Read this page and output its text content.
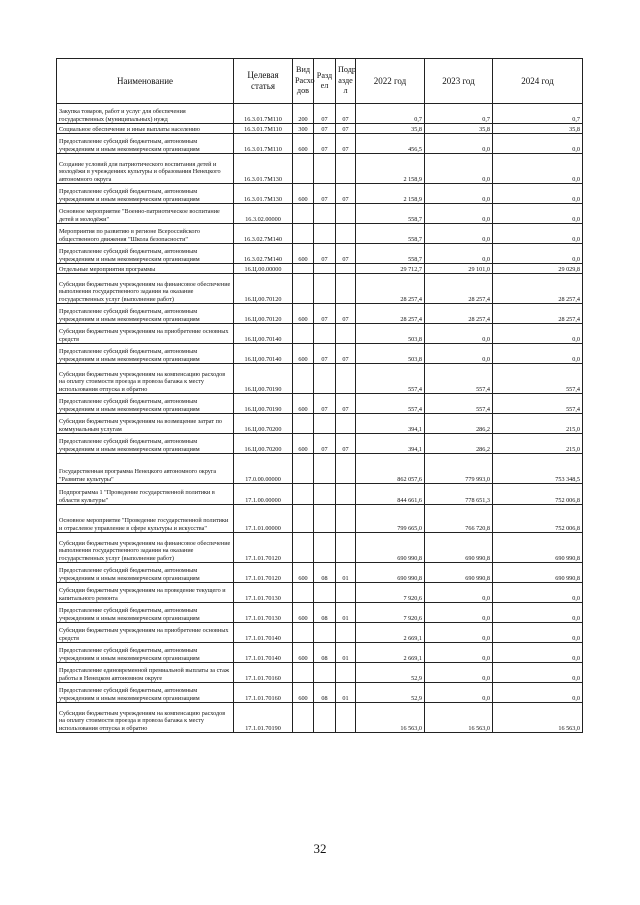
Наименование	Целевая статья	Вид Расхо дов	Разд ел	Подр азде л	2022 год	2023 год	2024 год
Закупка товаров, работ и услуг для обеспечения государственных (муниципальных) нужд	16.3.01.7М110	200	07	07	0,7	0,7	0,7
Социальное обеспечение и иные выплаты населению	16.3.01.7М110	300	07	07	35,8	35,8	35,8
Предоставление субсидий бюджетным, автономным учреждениям и иным некоммерческим организациям	16.3.01.7М110	600	07	07	456,5	0,0	0,0
Создание условий для патриотического воспитания детей и молодёжи в учреждениях культуры и образования Ненецкого автономного округа	16.3.01.7М130				2 158,9	0,0	0,0
Предоставление субсидий бюджетным, автономным учреждениям и иным некоммерческим организациям	16.3.01.7М130	600	07	07	2 158,9	0,0	0,0
Основное мероприятие "Военно-патриотическое воспитание детей и молодёжи"	16.3.02.00000				558,7	0,0	0,0
Мероприятия по развитию в регионе Всероссийского общественного движения "Школа безопасности"	16.3.02.7М140				558,7	0,0	0,0
Предоставление субсидий бюджетным, автономным учреждениям и иным некоммерческим организациям	16.3.02.7М140	600	07	07	558,7	0,0	0,0
Отдельные мероприятия программы	16.Ц.00.00000				29 712,7	29 101,0	29 029,8
Субсидии бюджетным учреждениям на финансовое обеспечение выполнения государственного задания на оказание государственных услуг (выполнение работ)	16.Ц.00.70120				28 257,4	28 257,4	28 257,4
Предоставление субсидий бюджетным, автономным учреждениям и иным некоммерческим организациям	16.Ц.00.70120	600	07	07	28 257,4	28 257,4	28 257,4
Субсидии бюджетным учреждениям на приобретение основных средств	16.Ц.00.70140				503,8	0,0	0,0
Предоставление субсидий бюджетным, автономным учреждениям и иным некоммерческим организациям	16.Ц.00.70140	600	07	07	503,8	0,0	0,0
Субсидии бюджетным учреждениям на компенсацию расходов на оплату стоимости проезда и провоза багажа к месту использования отпуска и обратно	16.Ц.00.70190				557,4	557,4	557,4
Предоставление субсидий бюджетным, автономным учреждениям и иным некоммерческим организациям	16.Ц.00.70190	600	07	07	557,4	557,4	557,4
Субсидии бюджетным учреждениям на возмещение затрат по коммунальным услугам	16.Ц.00.70200				394,1	286,2	215,0
Предоставление субсидий бюджетным, автономным учреждениям и иным некоммерческим организациям	16.Ц.00.70200	600	07	07	394,1	286,2	215,0
Государственная программа Ненецкого автономного округа "Развитие культуры"	17.0.00.00000				862 057,6	779 993,0	753 348,5
Подпрограмма 1 "Проведение государственной политики в области культуры"	17.1.00.00000				844 661,6	778 651,3	752 006,8
Основное мероприятие "Проведение государственной политики и отраслевое управление в сфере культуры и искусства"	17.1.01.00000				799 665,0	766 720,8	752 006,8
Субсидии бюджетным учреждениям на финансовое обеспечение выполнения государственного задания на оказание государственных услуг (выполнение работ)	17.1.01.70120				690 990,8	690 990,8	690 990,8
Предоставление субсидий бюджетным, автономным учреждениям и иным некоммерческим организациям	17.1.01.70120	600	08	01	690 990,8	690 990,8	690 990,8
Субсидии бюджетным учреждениям на проведение текущего и капитального ремонта	17.1.01.70130				7 920,6	0,0	0,0
Предоставление субсидий бюджетным, автономным учреждениям и иным некоммерческим организациям	17.1.01.70130	600	08	01	7 920,6	0,0	0,0
Субсидии бюджетным учреждениям на приобретение основных средств	17.1.01.70140				2 669,1	0,0	0,0
Предоставление субсидий бюджетным, автономным учреждениям и иным некоммерческим организациям	17.1.01.70140	600	08	01	2 669,1	0,0	0,0
Предоставление единовременной премиальной выплаты за стаж работы в Ненецком автономном округе	17.1.01.70160				52,9	0,0	0,0
Предоставление субсидий бюджетным, автономным учреждениям и иным некоммерческим организациям	17.1.01.70160	600	08	01	52,9	0,0	0,0
Субсидии бюджетным учреждениям на компенсацию расходов на оплату стоимости проезда и провоза багажа к месту использования отпуска и обратно	17.1.01.70190				16 563,0	16 563,0	16 563,0
32
